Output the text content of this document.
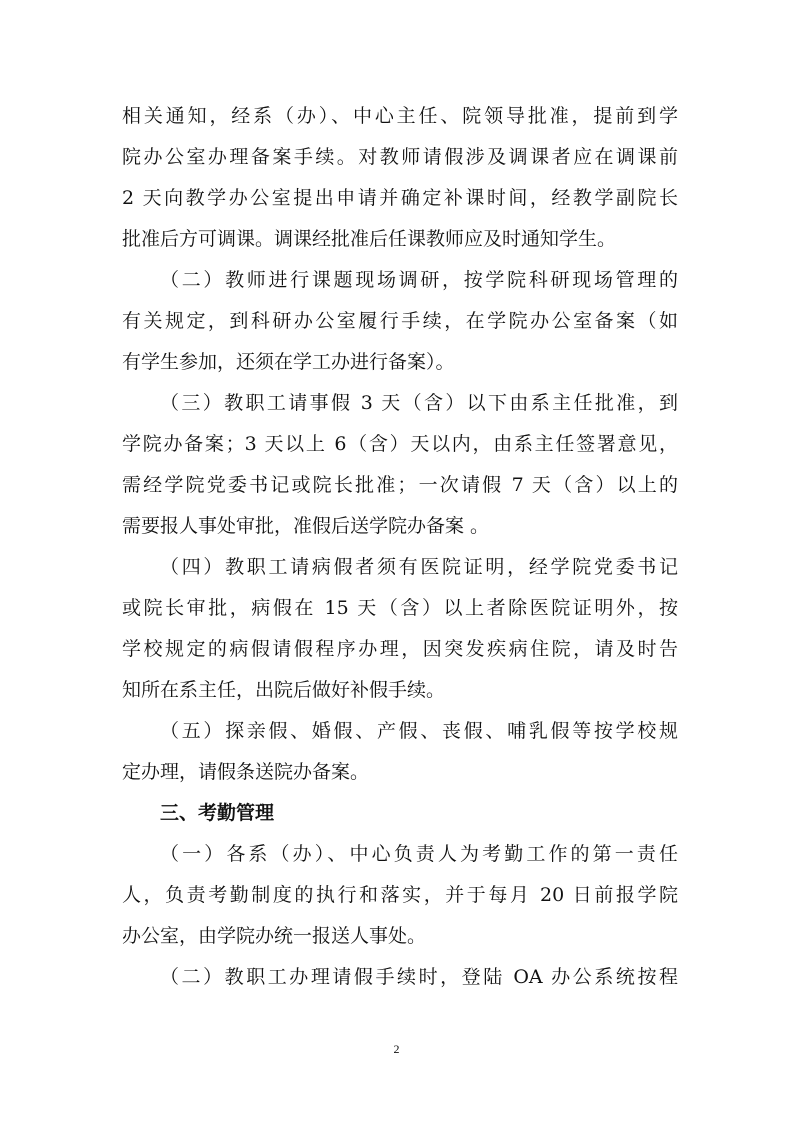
相关通知，经系（办）、中心主任、院领导批准，提前到学
院办公室办理备案手续。对教师请假涉及调课者应在调课前
2 天向教学办公室提出申请并确定补课时间，经教学副院长
批准后方可调课。调课经批准后任课教师应及时通知学生。
（二）教师进行课题现场调研，按学院科研现场管理的
有关规定，到科研办公室履行手续，在学院办公室备案（如
有学生参加，还须在学工办进行备案）。
（三）教职工请事假 3 天（含）以下由系主任批准，到
学院办备案；3 天以上 6（含）天以内，由系主任签署意见，
需经学院党委书记或院长批准；一次请假 7 天（含）以上的
需要报人事处审批，准假后送学院办备案 。
（四）教职工请病假者须有医院证明，经学院党委书记
或院长审批，病假在 15 天（含）以上者除医院证明外，按
学校规定的病假请假程序办理，因突发疾病住院，请及时告
知所在系主任，出院后做好补假手续。
（五）探亲假、婚假、产假、丧假、哺乳假等按学校规
定办理，请假条送院办备案。
三、考勤管理
（一）各系（办）、中心负责人为考勤工作的第一责任
人，负责考勤制度的执行和落实，并于每月 20 日前报学院
办公室，由学院办统一报送人事处。
（二）教职工办理请假手续时，登陆 OA 办公系统按程
2
